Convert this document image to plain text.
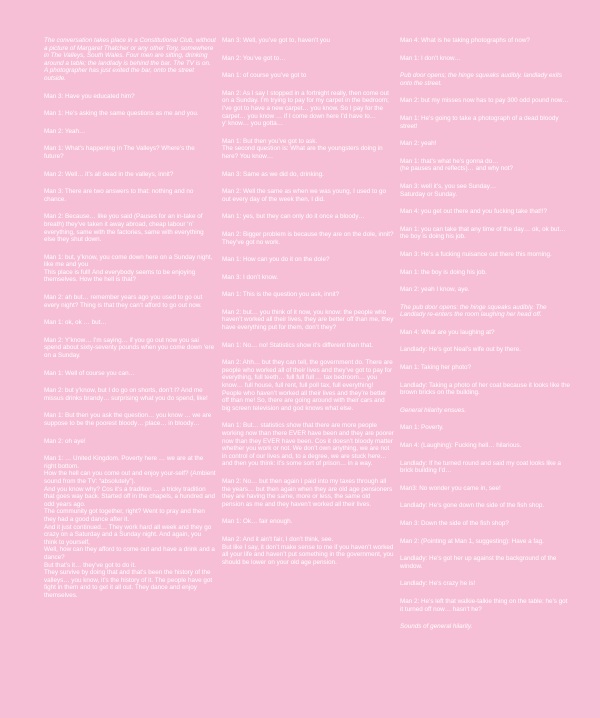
The conversation takes place in a Constitutional Club, without a picture of Margaret Thatcher or any other Tory, somewhere in The Valleys, South Wales. Four men are sitting, drinking around a table; the landlady is behind the bar. The TV is on.
A photographer has just exited the bar, onto the street outside.

Man 3: Have you educated him?

Man 1: He’s asking the same questions as me and you.

Man 2: Yeah…

Man 1: What’s happening in The Valleys? Where’s the future?

Man 2: Well… it’s all dead in the valleys, innit?

Man 3: There are two answers to that: nothing and no chance.

Man 2: Because… like you said (Pauses for an in-take of breath) they’ve taken it away abroad, cheap labour ‘n’ everything, same with the factories, same with everything else they shut down.

Man 1: but, y’know, you come down here on a Sunday night, like me and you
This place is full! And everybody seems to be enjoying themselves. How the hell is that?

Man 2: ah but… remember years ago you used to go out every night? Thing is that they can’t afford to go out now.

Man 1: ok, ok … but…

Man 2: Y’know… I’m saying… if you go out now you sai spend about sixty-seventy pounds when you come down ‘ere on a Sunday.

Man 1: Well of course you can…

Man 2: but y’know, but I do go on shorts, don’t I? And me missus drinks brandy… surprising what you do spend, like!

Man 1: But then you ask the question… you know … we are suppose to be the poorest bloody… place… in bloody…

Man 2: oh aye!

Man 1: … United Kingdom. Poverty here … we are at the right bottom.
How the hell can you come out and enjoy your-self? (Ambient sound from the TV: “absolutely”).
And you know why? Cos it’s a tradition … a tricky tradition that goes way back. Started off in the chapels, a hundred and odd years ago.
The community got together, right? Went to pray and then they had a good dance after it.
And it just continued… They work hard all week and they go crazy on a Saturday and a Sunday night. And again, you think to yourself,
Well, how can they afford to come out and have a drink and a dance?
But that’s it… they’ve got to do it.
They survive by doing that and that’s been the history of the valleys… you know, it’s the history of it. The people have got fight in them and to get it all out. They dance and enjoy themselves.

Man 3: Well, you’ve got to, haven’t you

Man 2: You’ve got to…

Man 1: of course you’ve got to

Man 2: As I say I stopped in a fortnight really, then come out on a Sunday. I’m trying to pay for my carpet in the bedroom; I’ve got to have a new carpet… you know. So I pay for the carpet… you know … if I come down here I’d have to…
y’ know… you gotta…

Man 1: But then you’ve got to ask.
The second question is: What are the youngsters doing in here? You know…

Man 3: Same as we did do, drinking.

Man 2: Well the same as when we was young, I used to go out every day of the week then, I did.

Man 1: yes, but they can only do it once a bloody…

Man 2: Bigger problem is because they are on the dole, innit? They’ve got no work.

Man 1: How can you do it on the dole?

Man 3: I don’t know.

Man 1: This is the question you ask, innit?

Man 2: but… you think of it now, you know: the people who haven’t worked all their lives, they are better off than me, they have everything put for them, don’t they?

Man 1: No… no! Statistics show it’s different than that.

Man 2: Ahh… but they can tell, the government do. There are people who worked all of their lives and they’ve got to pay for everything, full teeth… full full full … tax bedroom… you know… full house, full rent, full poll tax, full everything!
People who haven’t worked all their lives and they’re better off than me! So, there are going around with their cars and big screen television and god knows what else.

Man 1: But… statistics show that there are more people working now than there EVER have been and they are poorer now than they EVER have been. Cos it doesn’t bloody matter whether you work or not. We don’t own anything, we are not in control of our lives and, to a degree, we are stuck here… and then you think: it’s some sort of prison… in a way.

Man 2: No… but then again I paid into my taxes through all the years… but then again when they are old age pensioners they are having the same, more or less, the same old pension as me and they haven’t worked all their lives.

Man 1: Ok… fair enough.

Man 2: And it ain’t fair, I don’t think, see.
But like I say, it don’t make sense to me if you haven’t worked all your life and haven’t put something in the government, you should be lower on your old age pension.

Man 4: What is he taking photographs of now?

Man 1: I don’t know…

Pub door opens; the hinge squeaks audibly. landlady exits onto the street.

Man 2: but my misses now has to pay 300 odd pound now…

Man 1: He’s going to take a photograph of a dead bloody street!

Man 2: yeah!

Man 1: that’s what he’s gonna do…
(he pauses and reflects)… and why not?

Man 3: well it’s, you see Sunday…
Saturday or Sunday.

Man 4: you get out there and you fucking take that!!?

Man 1: you can take that any time of the day… ok, ok but… the boy is doing his job.

Man 3: He’s a fucking nuisance out there this morning.

Man 1: the boy is doing his job.

Man 2: yeah I know, aye.

The pub door opens: the hinge squeaks audibly. The Landlady re-enters the room laughing her head off.

Man 4: What are you laughing at?

Landlady: He’s got Neal’s wife out by there.

Man 1: Taking her photo?

Landlady: Taking a photo of her coat because it looks like the brown bricks on the building.

General hilarity ensues.

Man 1: Poverty.

Man 4: (Laughing): Fucking hell… hilarious.

Landlady: If he turned round and said my coat looks like a brick building I’d…

Man3: No wonder you came in, see!

Landlady: He’s gone down the side of the fish shop.

Man 3: Down the side of the fish shop?

Man 2: (Pointing at Man 1, suggesting): Have a fag.

Landlady: He’s got her up against the background of the window.

Landlady: He’s crazy he is!

Man 2: He’s left that walkie-talkie thing on the table: he’s got it turned off now… hasn’t he?

Sounds of general hilarity.
